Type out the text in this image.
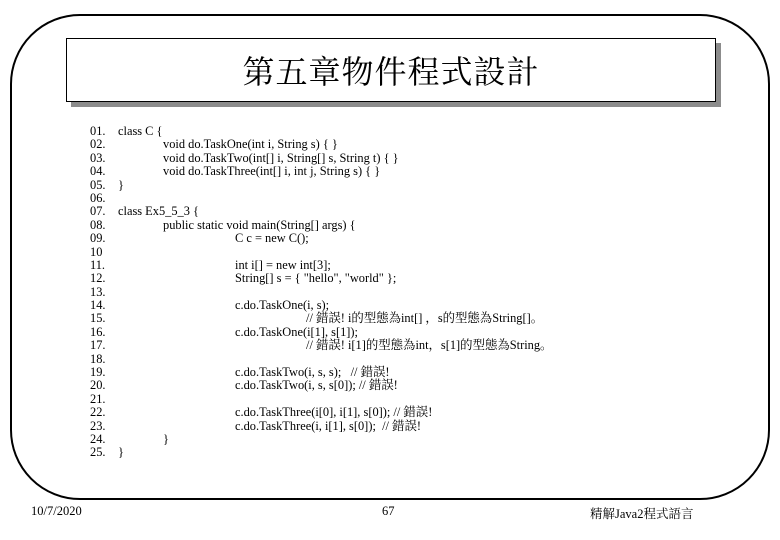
第五章物件程式設計
01. class C {
02.	void do.TaskOne(int i, String s) { }
03.	void do.TaskTwo(int[] i, String[] s, String t) { }
04.	void do.TaskThree(int[] i, int j, String s) { }
05. }
06.
07. class Ex5_5_3 {
08.	public static void main(String[] args) {
09.	C c = new C();
10
11.	int i[] = new int[3];
12.	String[] s = { "hello", "world" };
13.
14.	c.do.TaskOne(i, s);
15.	// 錯誤! i的型態為int[] ，s的型態為String[]。
16.	c.do.TaskOne(i[1], s[1]);
17.	// 錯誤! i[1]的型態為int，s[1]的型態為String。
18.
19.	c.do.TaskTwo(i, s, s);   // 錯誤!
20.	c.do.TaskTwo(i, s, s[0]); // 錯誤!
21.
22.	c.do.TaskThree(i[0], i[1], s[0]); // 錯誤!
23.	c.do.TaskThree(i, i[1], s[0]);  // 錯誤!
24.	}
25. }
10/7/2020	67	精解Java2程式語言
